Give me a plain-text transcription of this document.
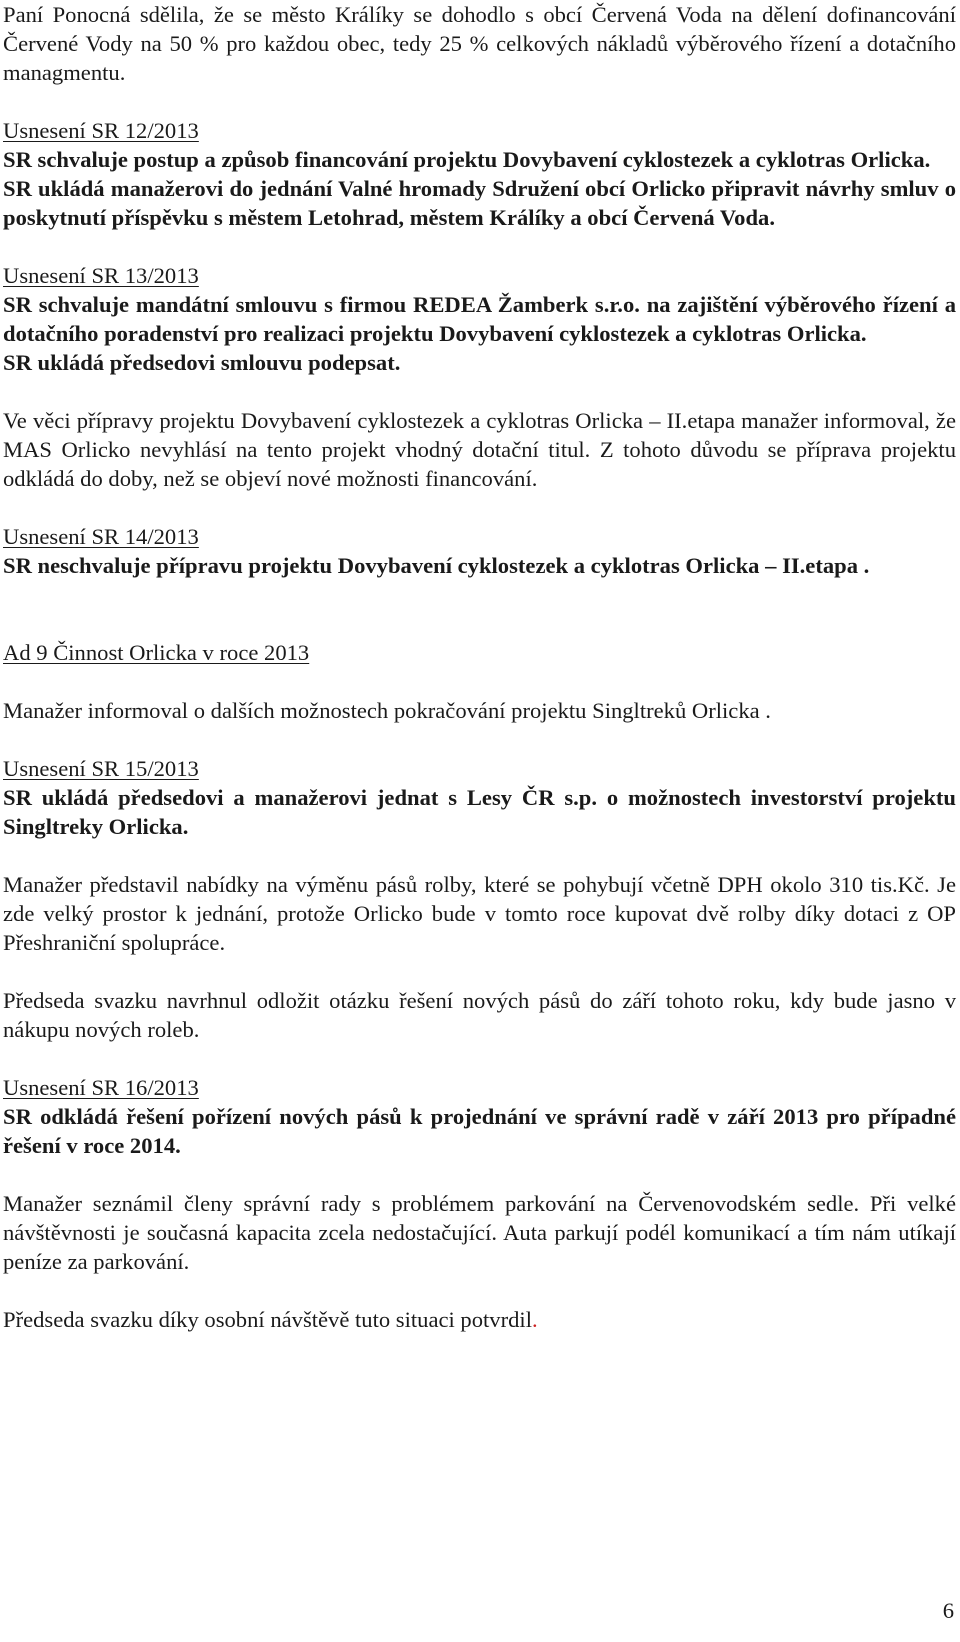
Paní Ponocná sdělila, že se město Králíky se dohodlo s obcí Červená Voda na dělení dofinancování Červené Vody na 50 % pro každou obec, tedy 25 % celkových nákladů výběrového řízení a dotačního managmentu.

Usnesení SR 12/2013

SR schvaluje postup a způsob financování projektu Dovybavení cyklostezek a cyklotras Orlicka.

SR ukládá manažerovi do jednání Valné hromady Sdružení obcí Orlicko připravit návrhy smluv o poskytnutí příspěvku s městem Letohrad, městem Králíky a obcí Červená Voda.

Usnesení SR 13/2013

SR schvaluje mandátní smlouvu s firmou REDEA Žamberk s.r.o. na zajištění výběrového řízení a dotačního poradenství pro realizaci projektu Dovybavení cyklostezek a cyklotras Orlicka.

SR ukládá předsedovi smlouvu podepsat.

Ve věci přípravy projektu Dovybavení cyklostezek a cyklotras Orlicka – II.etapa manažer informoval, že MAS Orlicko nevyhlásí na tento projekt vhodný dotační titul. Z tohoto důvodu se příprava projektu odkládá do doby, než se objeví nové možnosti financování.

Usnesení SR 14/2013

SR neschvaluje přípravu projektu Dovybavení cyklostezek a cyklotras Orlicka – II.etapa .

Ad 9 Činnost Orlicka v roce 2013

Manažer informoval o dalších možnostech pokračování projektu Singltreků Orlicka .

Usnesení SR 15/2013

SR ukládá předsedovi a manažerovi jednat s Lesy ČR s.p. o možnostech investorství projektu Singltreky Orlicka.

Manažer představil nabídky na výměnu pásů rolby, které se pohybují včetně DPH okolo 310 tis.Kč. Je zde velký prostor k jednání, protože Orlicko bude v tomto roce kupovat dvě rolby díky dotaci z OP Přeshraniční spolupráce.

Předseda svazku navrhnul odložit otázku řešení nových pásů do září tohoto roku, kdy bude jasno v nákupu nových roleb.

Usnesení SR 16/2013

SR odkládá řešení pořízení nových pásů k projednání ve správní radě v září 2013 pro případné řešení v roce 2014.

Manažer seznámil členy správní rady s problémem parkování na Červenovodském sedle. Při velké návštěvnosti je současná kapacita zcela nedostačující. Auta parkují podél komunikací a tím nám utíkají peníze za parkování.

Předseda svazku díky osobní návštěvě tuto situaci potvrdil.

6
